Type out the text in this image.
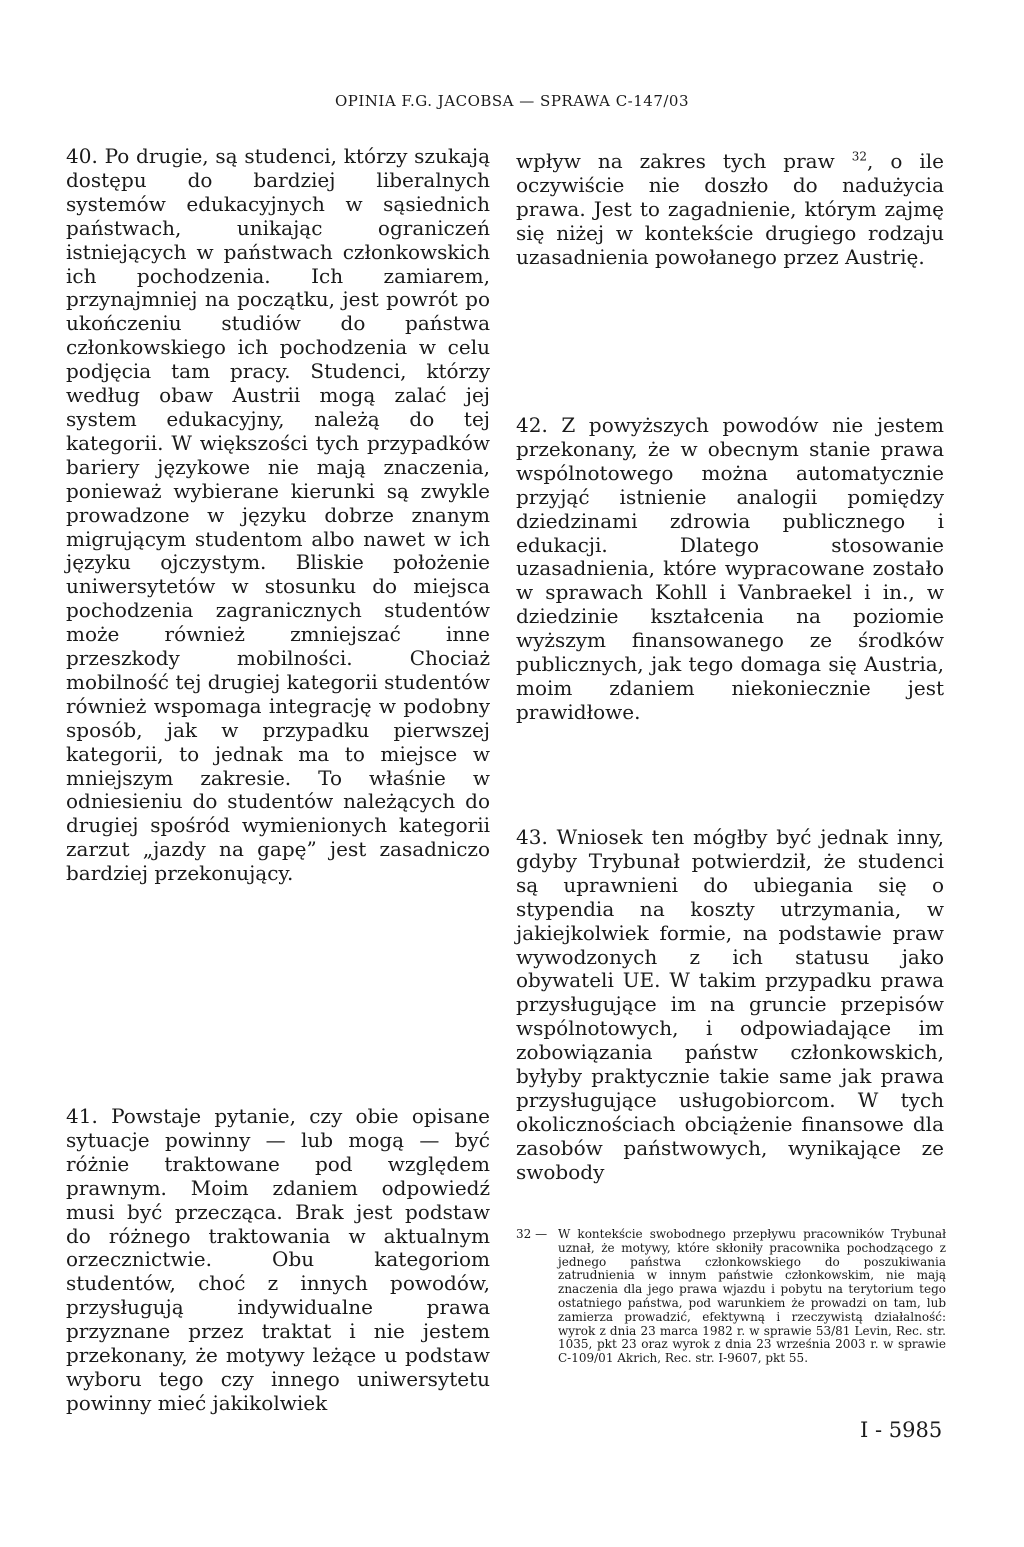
OPINIA F.G. JACOBSA — SPRAWA C-147/03

40. Po drugie, są studenci, którzy szukają dostępu do bardziej liberalnych systemów edukacyjnych w sąsiednich państwach, unikając ograniczeń istniejących w państwach członkowskich ich pochodzenia. Ich zamiarem, przynajmniej na początku, jest powrót po ukończeniu studiów do państwa członkowskiego ich pochodzenia w celu podjęcia tam pracy. Studenci, którzy według obaw Austrii mogą zalać jej system edukacyjny, należą do tej kategorii. W większości tych przypadków bariery językowe nie mają znaczenia, ponieważ wybierane kierunki są zwykle prowadzone w języku dobrze znanym migrującym studentom albo nawet w ich języku ojczystym. Bliskie położenie uniwersytetów w stosunku do miejsca pochodzenia zagranicznych studentów może również zmniejszać inne przeszkody mobilności. Chociaż mobilność tej drugiej kategorii studentów również wspomaga integrację w podobny sposób, jak w przypadku pierwszej kategorii, to jednak ma to miejsce w mniejszym zakresie. To właśnie w odniesieniu do studentów należących do drugiej spośród wymienionych kategorii zarzut „jazdy na gapę” jest zasadniczo bardziej przekonujący.

41. Powstaje pytanie, czy obie opisane sytuacje powinny — lub mogą — być różnie traktowane pod względem prawnym. Moim zdaniem odpowiedź musi być przecząca. Brak jest podstaw do różnego traktowania w aktualnym orzecznictwie. Obu kategoriom studentów, choć z innych powodów, przysługują indywidualne prawa przyznane przez traktat i nie jestem przekonany, że motywy leżące u podstaw wyboru tego czy innego uniwersytetu powinny mieć jakikolwiek

wpływ na zakres tych praw $^{32}$, o ile oczywiście nie doszło do nadużycia prawa. Jest to zagadnienie, którym zajmę się niżej w kontekście drugiego rodzaju uzasadnienia powołanego przez Austrię.

42. Z powyższych powodów nie jestem przekonany, że w obecnym stanie prawa wspólnotowego można automatycznie przyjąć istnienie analogii pomiędzy dziedzinami zdrowia publicznego i edukacji. Dlatego stosowanie uzasadnienia, które wypracowane zostało w sprawach Kohll i Vanbraekel i in., w dziedzinie kształcenia na poziomie wyższym finansowanego ze środków publicznych, jak tego domaga się Austria, moim zdaniem niekoniecznie jest prawidłowe.

43. Wniosek ten mógłby być jednak inny, gdyby Trybunał potwierdził, że studenci są uprawnieni do ubiegania się o stypendia na koszty utrzymania, w jakiejkolwiek formie, na podstawie praw wywodzonych z ich statusu jako obywateli UE. W takim przypadku prawa przysługujące im na gruncie przepisów wspólnotowych, i odpowiadające im zobowiązania państw członkowskich, byłyby praktycznie takie same jak prawa przysługujące usługobiorcom. W tych okolicznościach obciążenie finansowe dla zasobów państwowych, wynikające ze swobody

32 — W kontekście swobodnego przepływu pracowników Trybunał uznał, że motywy, które skłoniły pracownika pochodzącego z jednego państwa członkowskiego do poszukiwania zatrudnienia w innym państwie członkowskim, nie mają znaczenia dla jego prawa wjazdu i pobytu na terytorium tego ostatniego państwa, pod warunkiem że prowadzi on tam, lub zamierza prowadzić, efektywną i rzeczywistą działalność: wyrok z dnia 23 marca 1982 r. w sprawie 53/81 Levin, Rec. str. 1035, pkt 23 oraz wyrok z dnia 23 września 2003 r. w sprawie C-109/01 Akrich, Rec. str. I-9607, pkt 55.
I - 5985
